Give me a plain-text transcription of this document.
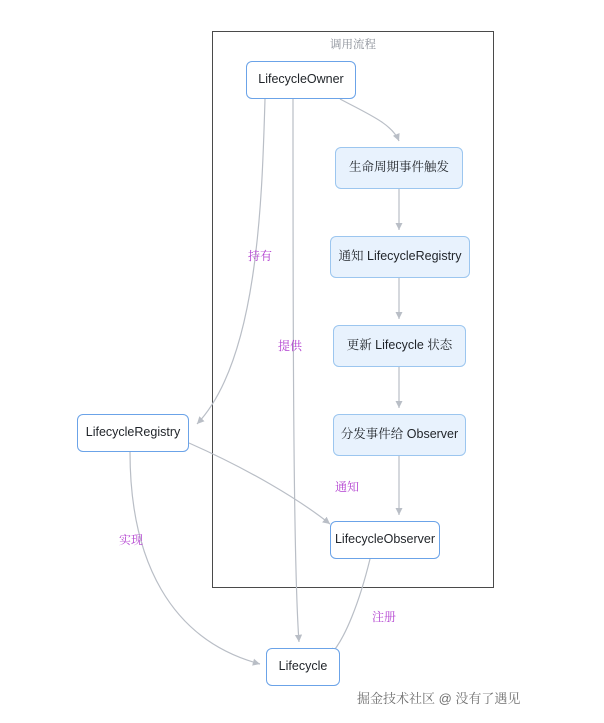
调用流程
LifecycleOwner
生命周期事件触发
通知 LifecycleRegistry
更新 Lifecycle 状态
分发事件给 Observer
LifecycleObserver
LifecycleRegistry
Lifecycle
持有
提供
通知
实现
注册
掘金技术社区 @ 没有了遇见
